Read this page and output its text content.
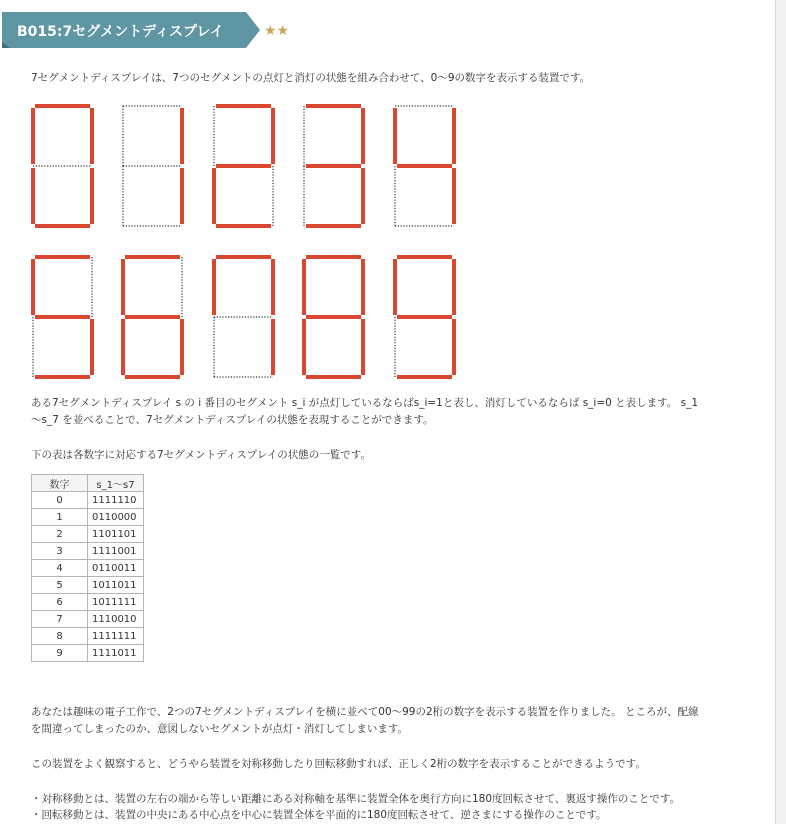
B015:7セグメントディスプレイ	★★
7セグメントディスプレイは、7つのセグメントの点灯と消灯の状態を組み合わせて、0〜9の数字を表示する装置です。
ある7セグメントディスプレイ s の i 番目のセグメント s_i が点灯しているならばs_i=1と表し、消灯しているならば s_i=0 と表します。 s_1
〜s_7 を並べることで、7セグメントディスプレイの状態を表現することができます。
下の表は各数字に対応する7セグメントディスプレイの状態の一覧です。
数字	s_1〜s7
0	1111110
1	0110000
2	1101101
3	1111001
4	0110011
5	1011011
6	1011111
7	1110010
8	1111111
9	1111011
あなたは趣味の電子工作で、2つの7セグメントディスプレイを横に並べて00〜99の2桁の数字を表示する装置を作りました。 ところが、配線
を間違ってしまったのか、意図しないセグメントが点灯・消灯してしまいます。
この装置をよく観察すると、どうやら装置を対称移動したり回転移動すれば、正しく2桁の数字を表示することができるようです。
・対称移動とは、装置の左右の端から等しい距離にある対称軸を基準に装置全体を奥行方向に180度回転させて、裏返す操作のことです。
・回転移動とは、装置の中央にある中心点を中心に装置全体を平面的に180度回転させて、逆さまにする操作のことです。
